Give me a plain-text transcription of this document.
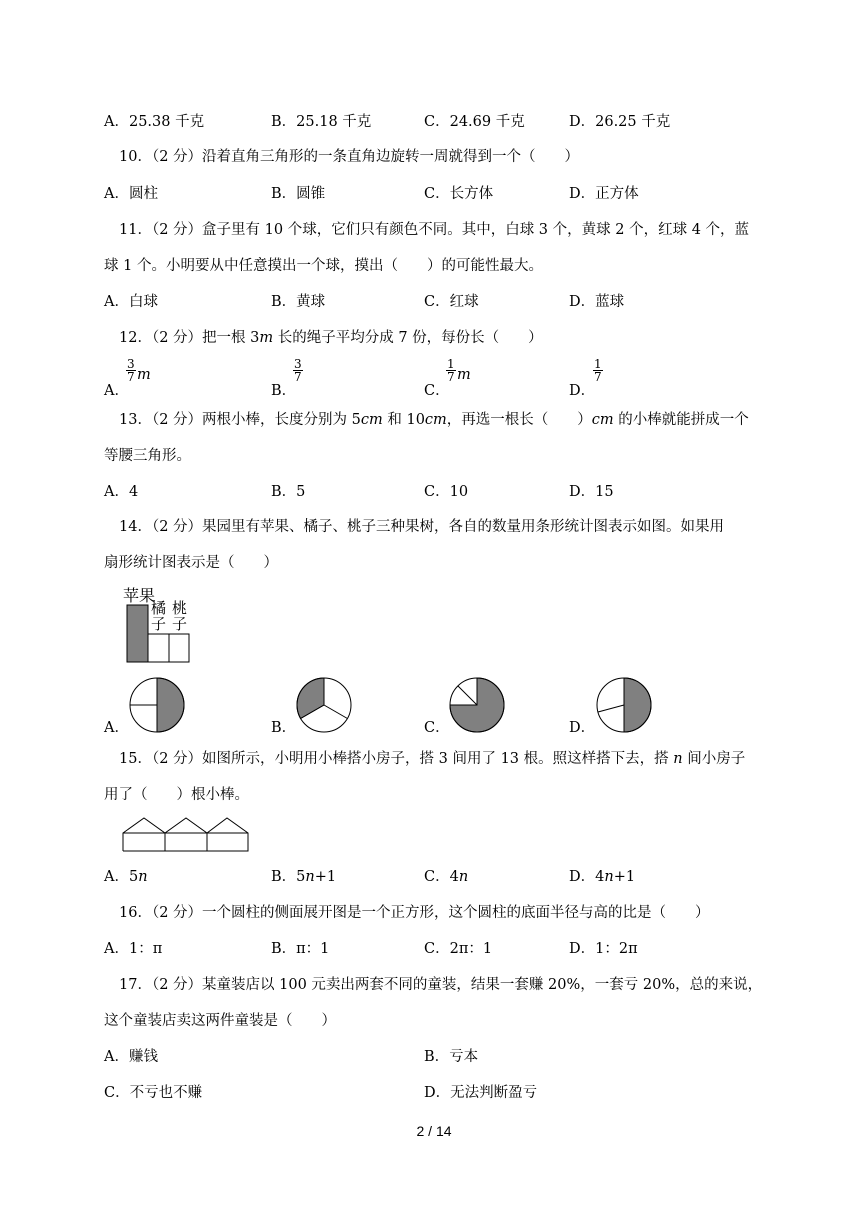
A．25.38 千克	B．25.18 千克	C．24.69 千克	D．26.25 千克
10．（2 分）沿着直角三角形的一条直角边旋转一周就得到一个（　　）
A．圆柱	B．圆锥	C．长方体	D．正方体
11．（2 分）盒子里有 10 个球，它们只有颜色不同。其中，白球 3 个，黄球 2 个，红球 4 个，蓝
球 1 个。小明要从中任意摸出一个球，摸出（　　）的可能性最大。
A．白球	B．黄球	C．红球	D．蓝球
12．（2 分）把一根 3m 长的绳子平均分成 7 份，每份长（　　）
A．
$\frac{3}{7}$ m
B．
$\frac{3}{7}$
C．
$\frac{1}{7}$ m
D．
$\frac{1}{7}$
13．（2 分）两根小棒，长度分别为 5cm 和 10cm，再选一根长（　　）cm 的小棒就能拼成一个
等腰三角形。
A．4	B．5	C．10	D．15
14．（2 分）果园里有苹果、橘子、桃子三种果树，各自的数量用条形统计图表示如图。如果用
扇形统计图表示是（　　）
苹果
橘
子
桃
子
A．	B．	C．	D．
15．（2 分）如图所示，小明用小棒搭小房子，搭 3 间用了 13 根。照这样搭下去，搭 n 间小房子
用了（　　）根小棒。
A．5n	B．5n+1	C．4n	D．4n+1
16．（2 分）一个圆柱的侧面展开图是一个正方形，这个圆柱的底面半径与高的比是（　　）
A．1：π	B．π：1	C．2π：1	D．1：2π
17．（2 分）某童装店以 100 元卖出两套不同的童装，结果一套赚 20%，一套亏 20%，总的来说，
这个童装店卖这两件童装是（　　）
A．赚钱	B．亏本
C．不亏也不赚	D．无法判断盈亏
2 / 14
